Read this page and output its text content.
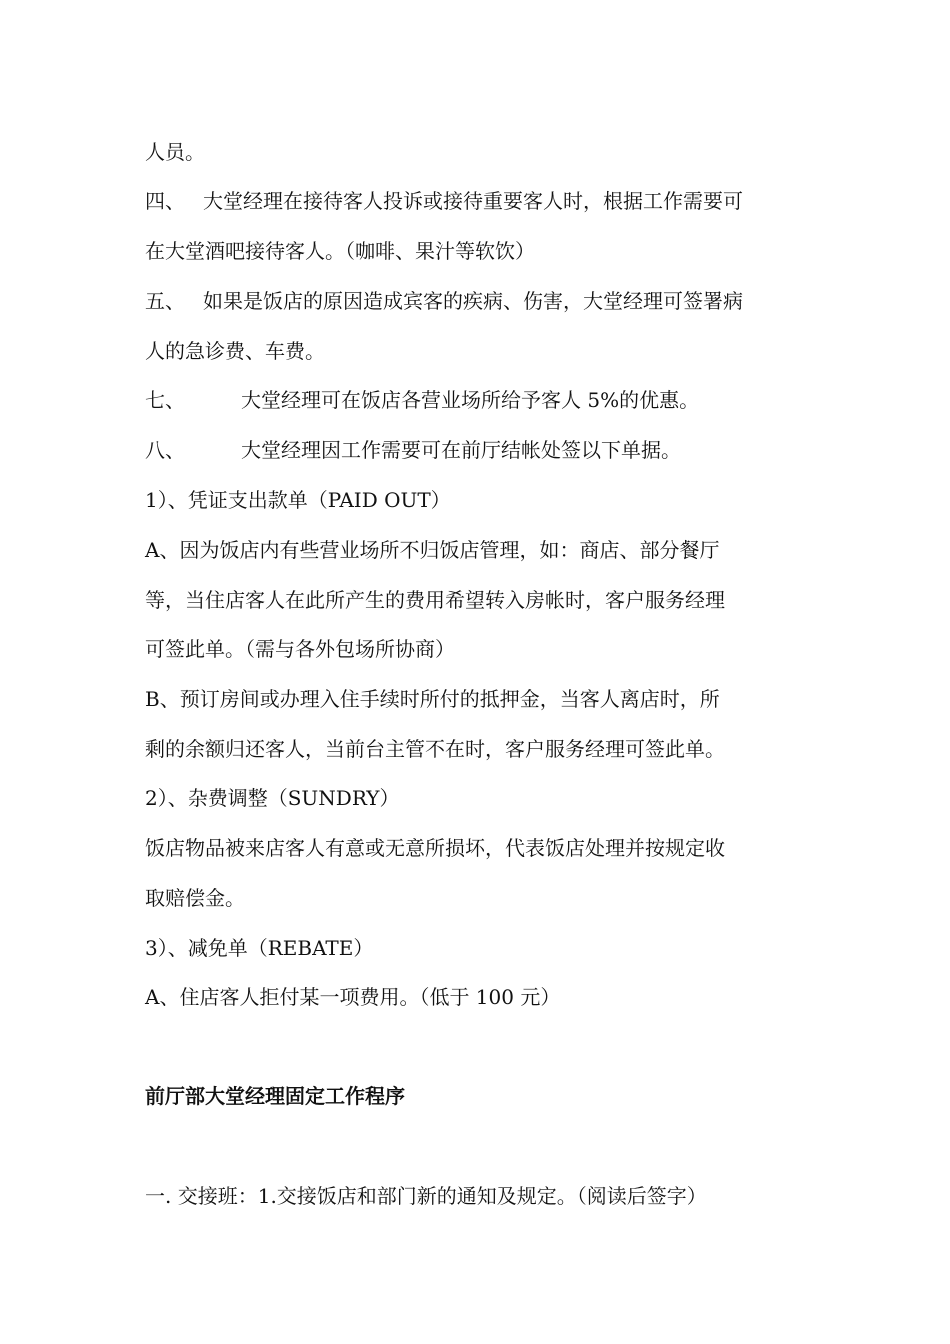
人员。
四、 大堂经理在接待客人投诉或接待重要客人时，根据工作需要可
在大堂酒吧接待客人。（咖啡、果汁等软饮）
五、 如果是饭店的原因造成宾客的疾病、伤害，大堂经理可签署病
人的急诊费、车费。
七、	大堂经理可在饭店各营业场所给予客人 5%的优惠。
八、	大堂经理因工作需要可在前厅结帐处签以下单据。
1）、凭证支出款单（PAID OUT）
A、因为饭店内有些营业场所不归饭店管理，如：商店、部分餐厅
等，当住店客人在此所产生的费用希望转入房帐时，客户服务经理
可签此单。（需与各外包场所协商）
B、预订房间或办理入住手续时所付的抵押金，当客人离店时，所
剩的余额归还客人，当前台主管不在时，客户服务经理可签此单。
2）、杂费调整（SUNDRY）
饭店物品被来店客人有意或无意所损坏，代表饭店处理并按规定收
取赔偿金。
3）、减免单（REBATE）
A、住店客人拒付某一项费用。（低于 100 元）
前厅部大堂经理固定工作程序
一. 交接班：1.交接饭店和部门新的通知及规定。（阅读后签字）
